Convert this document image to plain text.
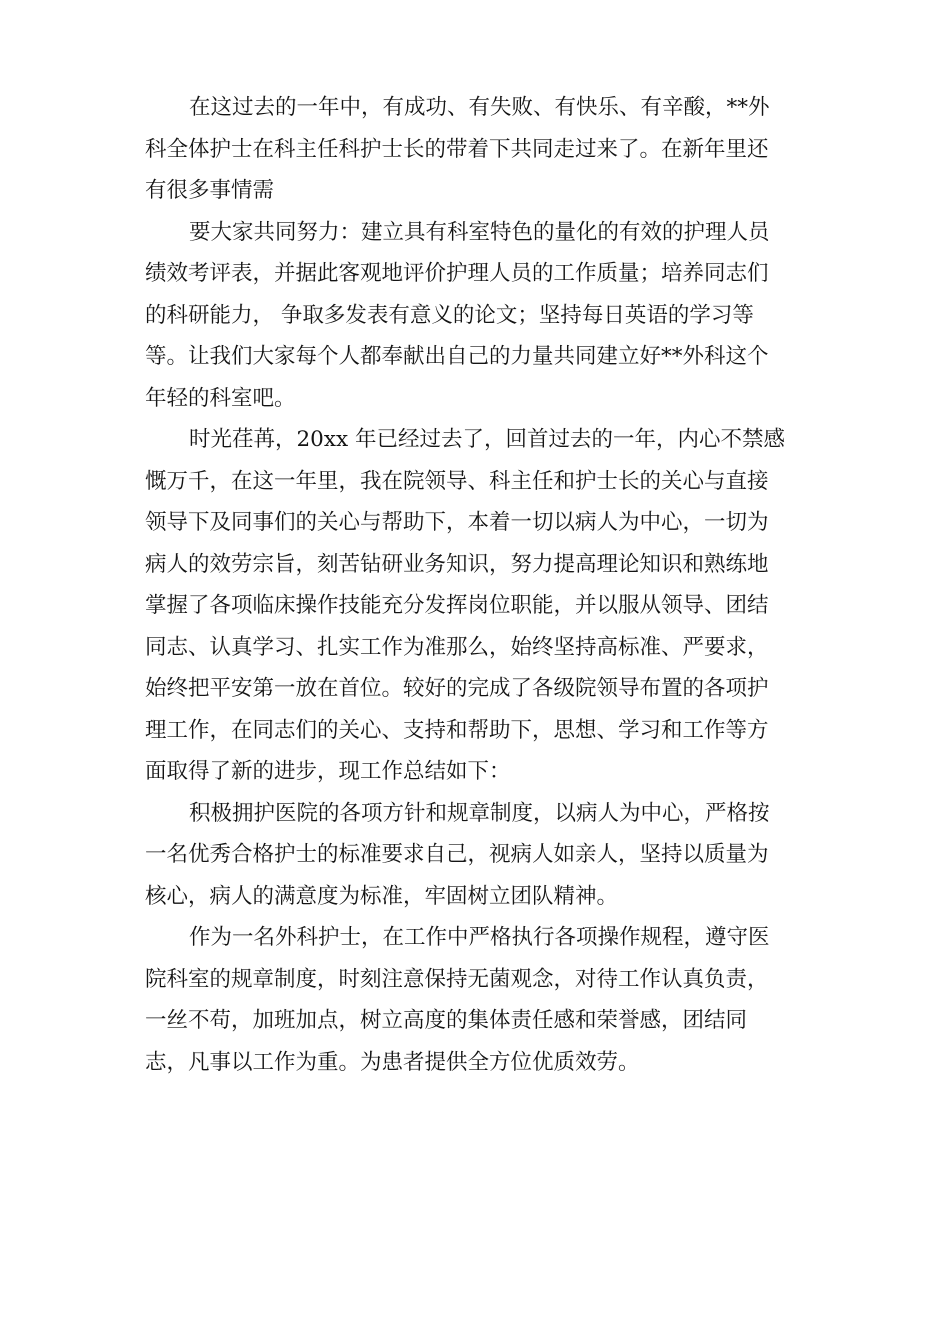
在这过去的一年中，有成功、有失败、有快乐、有辛酸，**外
科全体护士在科主任科护士长的带着下共同走过来了。在新年里还
有很多事情需

要大家共同努力：建立具有科室特色的量化的有效的护理人员
绩效考评表，并据此客观地评价护理人员的工作质量；培养同志们
的科研能力， 争取多发表有意义的论文；坚持每日英语的学习等
等。让我们大家每个人都奉献出自己的力量共同建立好**外科这个
年轻的科室吧。

时光荏苒，20xx 年已经过去了，回首过去的一年，内心不禁感
慨万千，在这一年里，我在院领导、科主任和护士长的关心与直接
领导下及同事们的关心与帮助下，本着一切以病人为中心，一切为
病人的效劳宗旨，刻苦钻研业务知识，努力提高理论知识和熟练地
掌握了各项临床操作技能充分发挥岗位职能，并以服从领导、团结
同志、认真学习、扎实工作为准那么，始终坚持高标准、严要求，
始终把平安第一放在首位。较好的完成了各级院领导布置的各项护
理工作，在同志们的关心、支持和帮助下，思想、学习和工作等方
面取得了新的进步，现工作总结如下：

积极拥护医院的各项方针和规章制度，以病人为中心，严格按
一名优秀合格护士的标准要求自己，视病人如亲人，坚持以质量为
核心，病人的满意度为标准，牢固树立团队精神。

作为一名外科护士，在工作中严格执行各项操作规程，遵守医
院科室的规章制度，时刻注意保持无菌观念，对待工作认真负责，
一丝不苟，加班加点，树立高度的集体责任感和荣誉感，团结同
志，凡事以工作为重。为患者提供全方位优质效劳。
